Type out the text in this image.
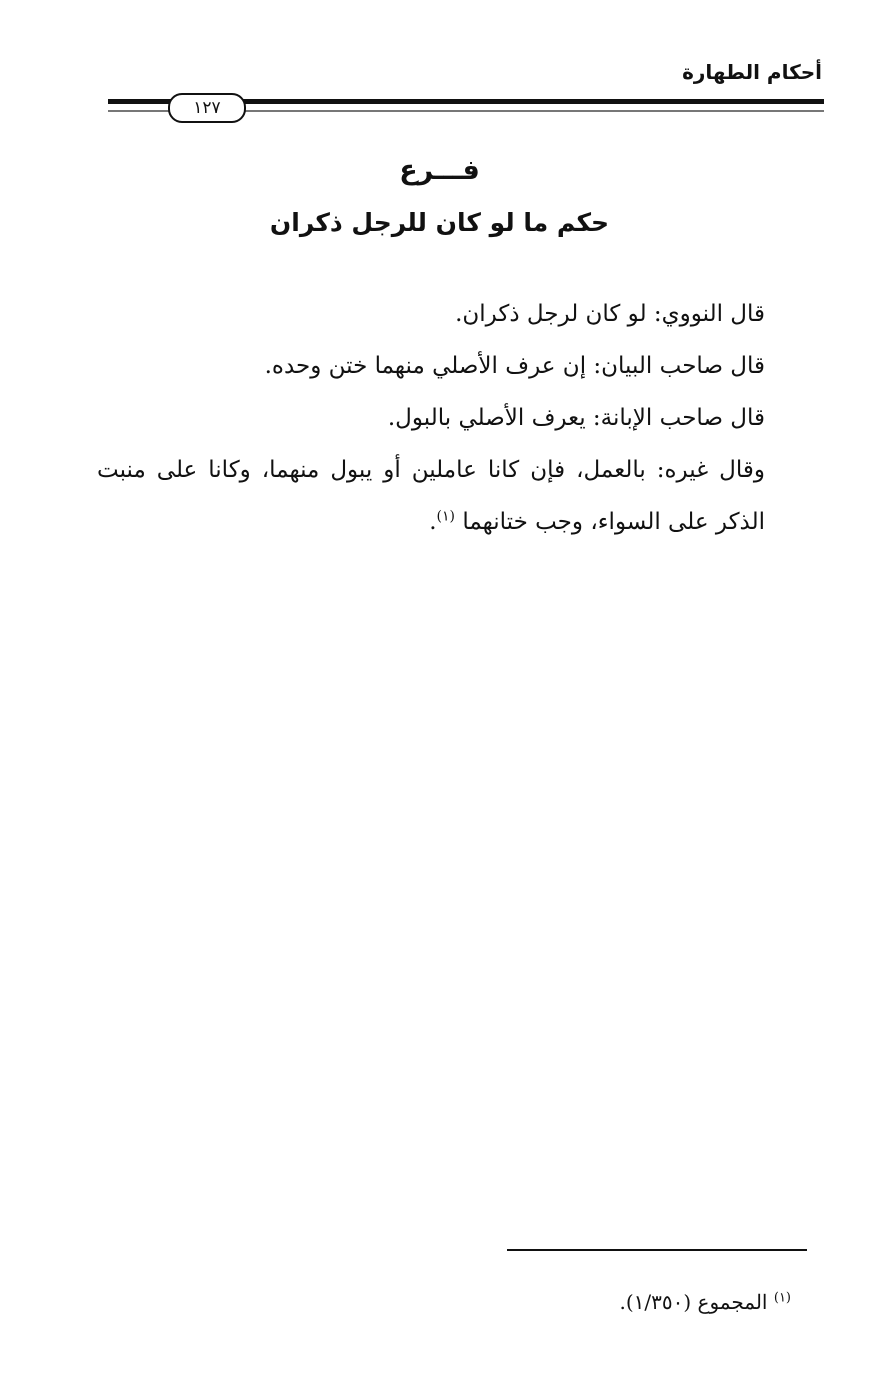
أحكام الطهارة
١٢٧
فـــرع
حكم ما لو كان للرجل ذكران

قال النووي: لو كان لرجل ذكران.

قال صاحب البيان: إن عرف الأصلي منهما ختن وحده.

قال صاحب الإبانة: يعرف الأصلي بالبول.

وقال غيره: بالعمل، فإن كانا عاملين أو يبول منهما، وكانا على منبت الذكر على السواء، وجب ختانهما $^{(١)}$.

$^{(١)}$ المجموع (١/٣٥٠).
